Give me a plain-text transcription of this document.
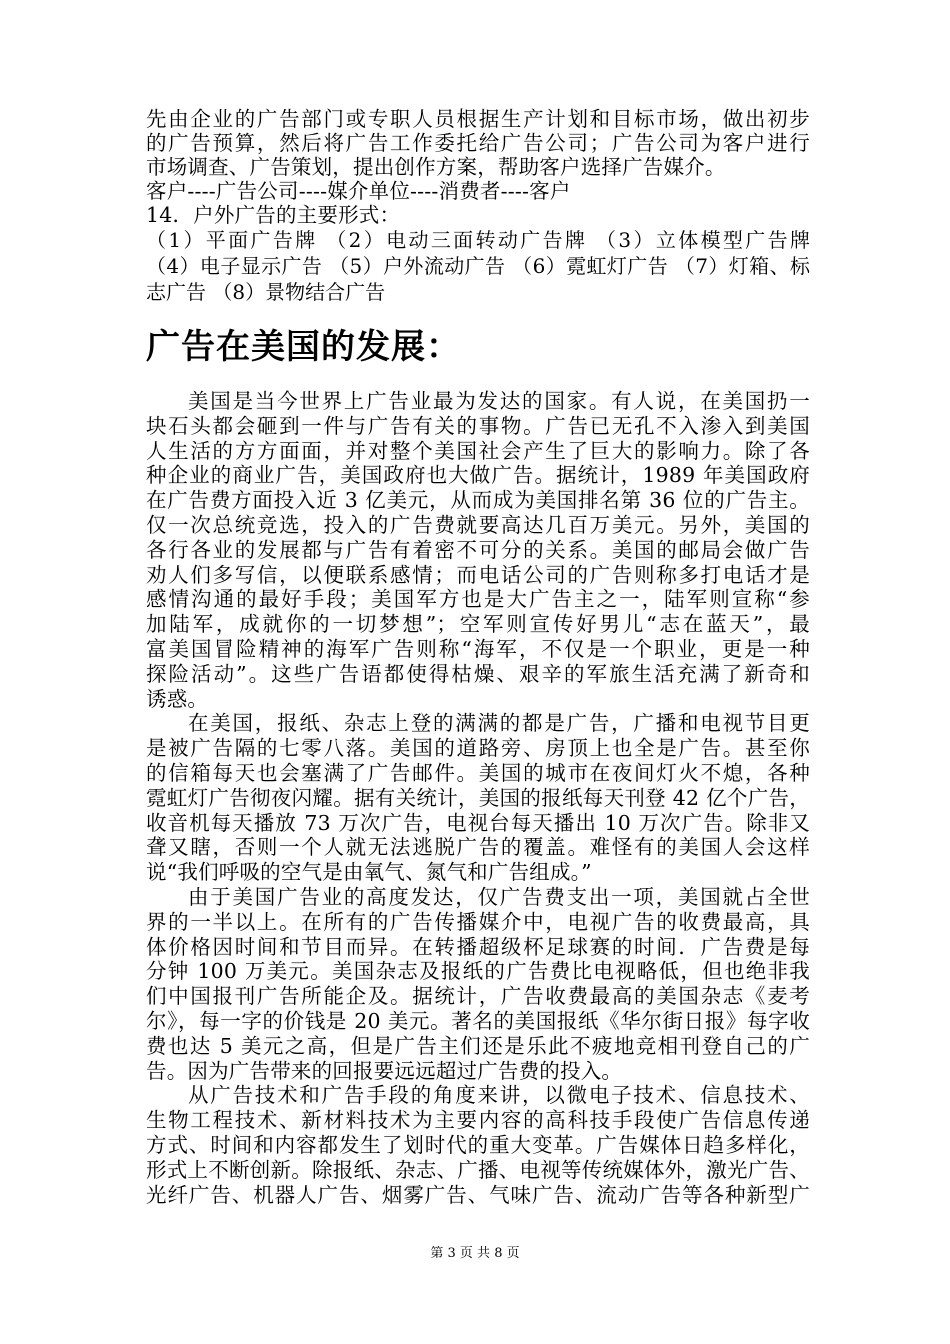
先由企业的广告部门或专职人员根据生产计划和目标市场，做出初步
的广告预算，然后将广告工作委托给广告公司；广告公司为客户进行
市场调查、广告策划，提出创作方案，帮助客户选择广告媒介。
客户----广告公司----媒介单位----消费者----客户
14．户外广告的主要形式：
（1）平面广告牌 （2）电动三面转动广告牌 （3）立体模型广告牌
（4）电子显示广告 （5）户外流动广告 （6）霓虹灯广告 （7）灯箱、标
志广告 （8）景物结合广告
广告在美国的发展：
美国是当今世界上广告业最为发达的国家。有人说，在美国扔一
块石头都会砸到一件与广告有关的事物。广告已无孔不入渗入到美国
人生活的方方面面，并对整个美国社会产生了巨大的影响力。除了各
种企业的商业广告，美国政府也大做广告。据统计，1989 年美国政府
在广告费方面投入近 3 亿美元，从而成为美国排名第 36 位的广告主。
仅一次总统竞选，投入的广告费就要高达几百万美元。另外，美国的
各行各业的发展都与广告有着密不可分的关系。美国的邮局会做广告
劝人们多写信，以便联系感情；而电话公司的广告则称多打电话才是
感情沟通的最好手段；美国军方也是大广告主之一，陆军则宣称“参
加陆军，成就你的一切梦想”；空军则宣传好男儿“志在蓝天”，最
富美国冒险精神的海军广告则称“海军，不仅是一个职业，更是一种
探险活动”。这些广告语都使得枯燥、艰辛的军旅生活充满了新奇和
诱惑。
在美国，报纸、杂志上登的满满的都是广告，广播和电视节目更
是被广告隔的七零八落。美国的道路旁、房顶上也全是广告。甚至你
的信箱每天也会塞满了广告邮件。美国的城市在夜间灯火不熄，各种
霓虹灯广告彻夜闪耀。据有关统计，美国的报纸每天刊登 42 亿个广告，
收音机每天播放 73 万次广告，电视台每天播出 10 万次广告。除非又
聋又瞎，否则一个人就无法逃脱广告的覆盖。难怪有的美国人会这样
说“我们呼吸的空气是由氧气、氮气和广告组成。”
由于美国广告业的高度发达，仅广告费支出一项，美国就占全世
界的一半以上。在所有的广告传播媒介中，电视广告的收费最高，具
体价格因时间和节目而异。在转播超级杯足球赛的时间．广告费是每
分钟 100 万美元。美国杂志及报纸的广告费比电视略低，但也绝非我
们中国报刊广告所能企及。据统计，广告收费最高的美国杂志《麦考
尔》，每一字的价钱是 20 美元。著名的美国报纸《华尔街日报》每字收
费也达 5 美元之高，但是广告主们还是乐此不疲地竞相刊登自己的广
告。因为广告带来的回报要远远超过广告费的投入。
从广告技术和广告手段的角度来讲，以微电子技术、信息技术、
生物工程技术、新材料技术为主要内容的高科技手段使广告信息传递
方式、时间和内容都发生了划时代的重大变革。广告媒体日趋多样化，
形式上不断创新。除报纸、杂志、广播、电视等传统媒体外，激光广告、
光纤广告、机器人广告、烟雾广告、气味广告、流动广告等各种新型广
第 3 页 共 8 页
